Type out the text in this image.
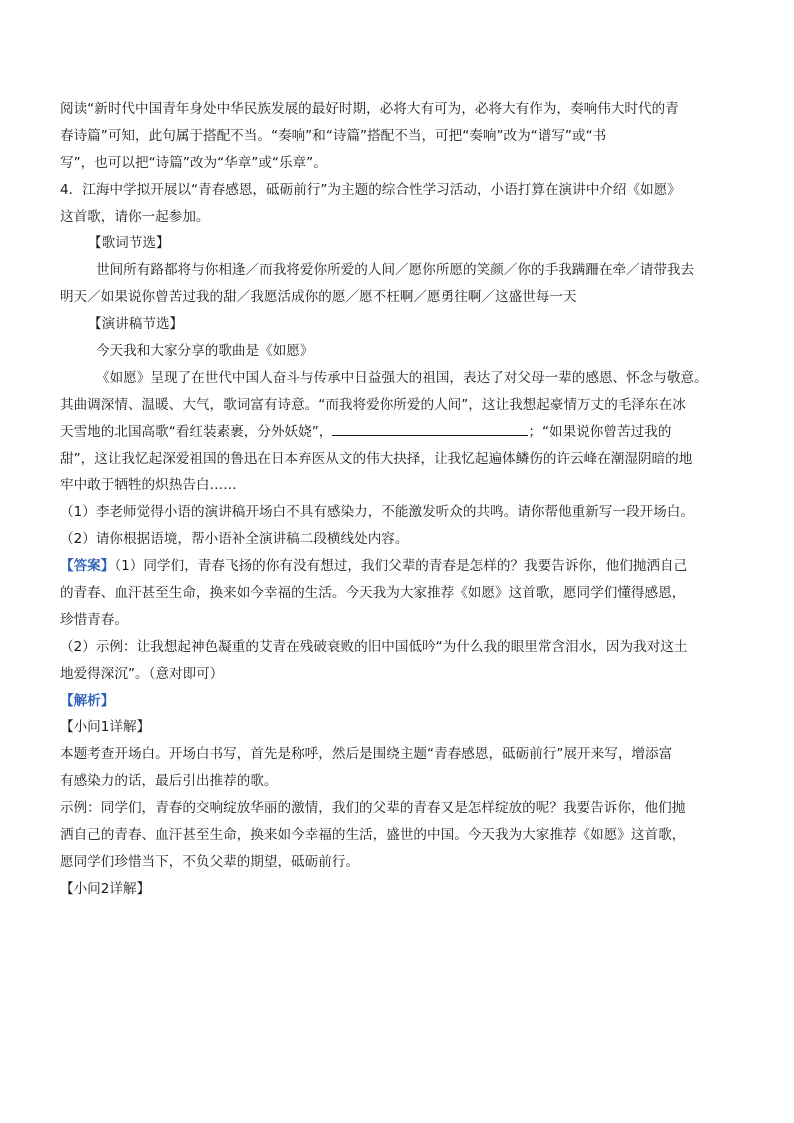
阅读“新时代中国青年身处中华民族发展的最好时期，必将大有可为，必将大有作为，奏响伟大时代的青
春诗篇”可知，此句属于搭配不当。“奏响”和“诗篇”搭配不当，可把“奏响”改为“谱写”或“书
写”，也可以把“诗篇”改为“华章”或“乐章”。
4．江海中学拟开展以“青春感恩，砥砺前行”为主题的综合性学习活动，小语打算在演讲中介绍《如愿》
这首歌，请你一起参加。
【歌词节选】
世间所有路都将与你相逢／而我将爱你所爱的人间／愿你所愿的笑颜／你的手我蹒跚在牵／请带我去
明天／如果说你曾苦过我的甜／我愿活成你的愿／愿不枉啊／愿勇往啊／这盛世每一天
【演讲稿节选】
今天我和大家分享的歌曲是《如愿》
《如愿》呈现了在世代中国人奋斗与传承中日益强大的祖国，表达了对父母一辈的感恩、怀念与敬意。
其曲调深情、温暖、大气，歌词富有诗意。“而我将爱你所爱的人间”，这让我想起豪情万丈的毛泽东在冰
天雪地的北国高歌“看红装素裹，分外妖娆”，	；“如果说你曾苦过我的
甜”，这让我忆起深爱祖国的鲁迅在日本弃医从文的伟大抉择，让我忆起遍体鳞伤的许云峰在潮湿阴暗的地
牢中敢于牺牲的炽热告白……
（1）李老师觉得小语的演讲稿开场白不具有感染力，不能激发听众的共鸣。请你帮他重新写一段开场白。
（2）请你根据语境，帮小语补全演讲稿二段横线处内容。
【答案】（1）同学们，青春飞扬的你有没有想过，我们父辈的青春是怎样的？我要告诉你，他们抛洒自己
的青春、血汗甚至生命，换来如今幸福的生活。今天我为大家推荐《如愿》这首歌，愿同学们懂得感恩，
珍惜青春。
（2）示例：让我想起神色凝重的艾青在残破衰败的旧中国低吟“为什么我的眼里常含泪水，因为我对这土
地爱得深沉”。（意对即可）
【解析】
【小问1详解】
本题考查开场白。开场白书写，首先是称呼，然后是围绕主题“青春感恩，砥砺前行”展开来写，增添富
有感染力的话，最后引出推荐的歌。
示例：同学们，青春的交响绽放华丽的激情，我们的父辈的青春又是怎样绽放的呢？我要告诉你，他们抛
洒自己的青春、血汗甚至生命，换来如今幸福的生活，盛世的中国。今天我为大家推荐《如愿》这首歌，
愿同学们珍惜当下，不负父辈的期望，砥砺前行。
【小问2详解】
